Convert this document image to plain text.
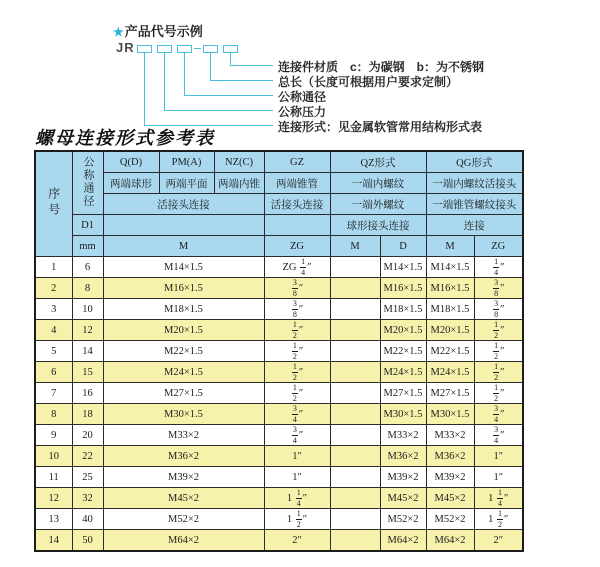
★产品代号示例
JR
连接件材质　c：为碳钢　b：为不锈钢
总长（长度可根据用户要求定制）
公称通径
公称压力
连接形式：见金属软管常用结构形式表
螺母连接形式参考表
序号	公称通径	Q(D)	PM(A)	NZ(C)	GZ	QZ形式		QG形式	
		两端球形	两端平面	两端内锥	两端锥管	一端内螺纹		一端内螺纹活接头	
		活接头连接			活接头连接	一端外螺纹		一端锥管螺纹接头	
	D1					球形接头连接		连接	
	mm	M			ZG	M	D	M	ZG
1	6	M14×1.5			ZG $\frac{1}{4}$ ″		M14×1.5	M14×1.5	$\frac{1}{4}$ ″
2	8	M16×1.5			$\frac{3}{8}$ ″		M16×1.5	M16×1.5	$\frac{3}{8}$ ″
3	10	M18×1.5			$\frac{3}{8}$ ″		M18×1.5	M18×1.5	$\frac{3}{8}$ ″
4	12	M20×1.5			$\frac{1}{2}$ ″		M20×1.5	M20×1.5	$\frac{1}{2}$ ″
5	14	M22×1.5			$\frac{1}{2}$ ″		M22×1.5	M22×1.5	$\frac{1}{2}$ ″
6	15	M24×1.5			$\frac{1}{2}$ ″		M24×1.5	M24×1.5	$\frac{1}{2}$ ″
7	16	M27×1.5			$\frac{1}{2}$ ″		M27×1.5	M27×1.5	$\frac{1}{2}$ ″
8	18	M30×1.5			$\frac{3}{4}$ ″		M30×1.5	M30×1.5	$\frac{3}{4}$ ″
9	20	M33×2			$\frac{3}{4}$ ″		M33×2	M33×2	$\frac{3}{4}$ ″
10	22	M36×2			1″		M36×2	M36×2	1″
11	25	M39×2			1″		M39×2	M39×2	1″
12	32	M45×2			$1 \frac{1}{4}$ ″		M45×2	M45×2	$1 \frac{1}{4}$ ″
13	40	M52×2			$1 \frac{1}{2}$ ″		M52×2	M52×2	$1 \frac{1}{2}$ ″
14	50	M64×2			2″		M64×2	M64×2	2″
